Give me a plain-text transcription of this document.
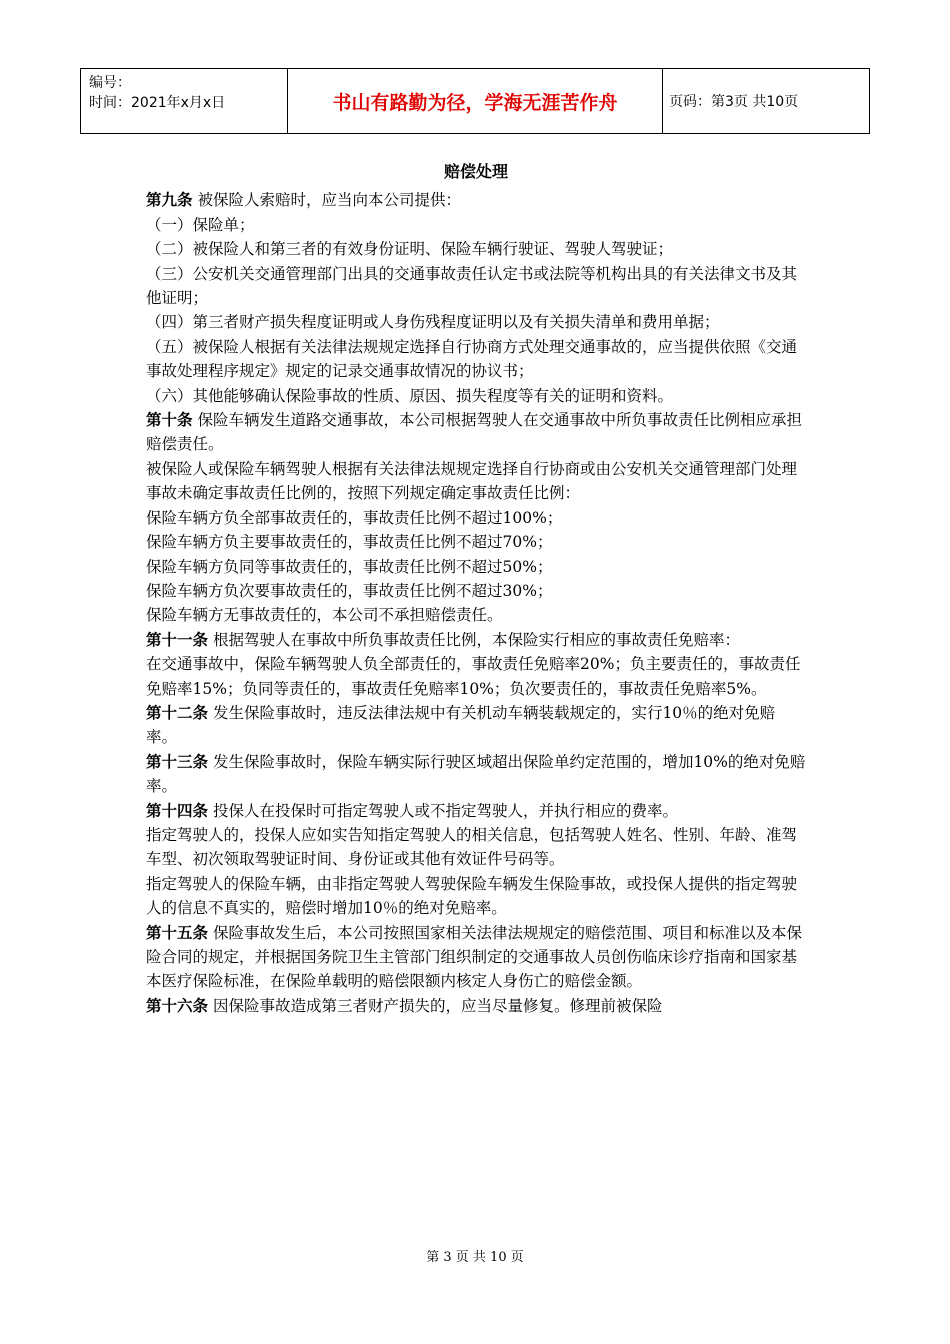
编号：
时间：2021年x月x日	书山有路勤为径，学海无涯苦作舟	页码：第3页 共10页
赔偿处理

第九条 被保险人索赔时，应当向本公司提供：

（一）保险单；

（二）被保险人和第三者的有效身份证明、保险车辆行驶证、驾驶人驾驶证；

（三）公安机关交通管理部门出具的交通事故责任认定书或法院等机构出具的有关法律文书及其他证明；

（四）第三者财产损失程度证明或人身伤残程度证明以及有关损失清单和费用单据；

（五）被保险人根据有关法律法规规定选择自行协商方式处理交通事故的，应当提供依照《交通事故处理程序规定》规定的记录交通事故情况的协议书；

（六）其他能够确认保险事故的性质、原因、损失程度等有关的证明和资料。

第十条 保险车辆发生道路交通事故，本公司根据驾驶人在交通事故中所负事故责任比例相应承担赔偿责任。

被保险人或保险车辆驾驶人根据有关法律法规规定选择自行协商或由公安机关交通管理部门处理事故未确定事故责任比例的，按照下列规定确定事故责任比例：

保险车辆方负全部事故责任的，事故责任比例不超过100%；

保险车辆方负主要事故责任的，事故责任比例不超过70%；

保险车辆方负同等事故责任的，事故责任比例不超过50%；

保险车辆方负次要事故责任的，事故责任比例不超过30%；

保险车辆方无事故责任的，本公司不承担赔偿责任。

第十一条 根据驾驶人在事故中所负事故责任比例，本保险实行相应的事故责任免赔率：

在交通事故中，保险车辆驾驶人负全部责任的，事故责任免赔率20%；负主要责任的，事故责任免赔率15%；负同等责任的，事故责任免赔率10%；负次要责任的，事故责任免赔率5%。

第十二条 发生保险事故时，违反法律法规中有关机动车辆装载规定的，实行10％的绝对免赔率。

第十三条 发生保险事故时，保险车辆实际行驶区域超出保险单约定范围的，增加10%的绝对免赔率。

第十四条 投保人在投保时可指定驾驶人或不指定驾驶人，并执行相应的费率。

指定驾驶人的，投保人应如实告知指定驾驶人的相关信息，包括驾驶人姓名、性别、年龄、准驾车型、初次领取驾驶证时间、身份证或其他有效证件号码等。

指定驾驶人的保险车辆，由非指定驾驶人驾驶保险车辆发生保险事故，或投保人提供的指定驾驶人的信息不真实的，赔偿时增加10％的绝对免赔率。

第十五条 保险事故发生后，本公司按照国家相关法律法规规定的赔偿范围、项目和标准以及本保险合同的规定，并根据国务院卫生主管部门组织制定的交通事故人员创伤临床诊疗指南和国家基本医疗保险标准，在保险单载明的赔偿限额内核定人身伤亡的赔偿金额。

第十六条 因保险事故造成第三者财产损失的，应当尽量修复。修理前被保险

第 3 页 共 10 页
